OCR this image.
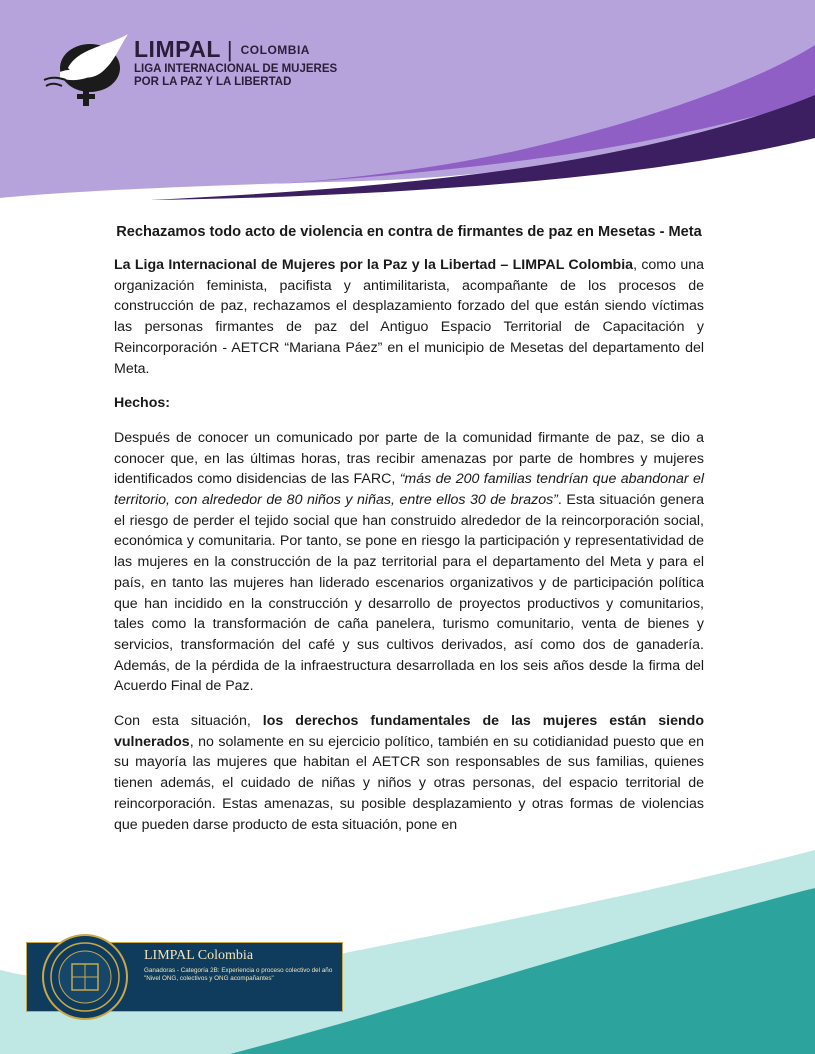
LIMPAL | COLOMBIA
LIGA INTERNACIONAL DE MUJERES
POR LA PAZ Y LA LIBERTAD
Rechazamos todo acto de violencia en contra de firmantes de paz en Mesetas - Meta

La Liga Internacional de Mujeres por la Paz y la Libertad – LIMPAL Colombia, como una organización feminista, pacifista y antimilitarista, acompañante de los procesos de construcción de paz, rechazamos el desplazamiento forzado del que están siendo víctimas las personas firmantes de paz del Antiguo Espacio Territorial de Capacitación y Reincorporación - AETCR “Mariana Páez” en el municipio de Mesetas del departamento del Meta.

Hechos:

Después de conocer un comunicado por parte de la comunidad firmante de paz, se dio a conocer que, en las últimas horas, tras recibir amenazas por parte de hombres y mujeres identificados como disidencias de las FARC, “más de 200 familias tendrían que abandonar el territorio, con alrededor de 80 niños y niñas, entre ellos 30 de brazos”. Esta situación genera el riesgo de perder el tejido social que han construido alrededor de la reincorporación social, económica y comunitaria. Por tanto, se pone en riesgo la participación y representatividad de las mujeres en la construcción de la paz territorial para el departamento del Meta y para el país, en tanto las mujeres han liderado escenarios organizativos y de participación política que han incidido en la construcción y desarrollo de proyectos productivos y comunitarios, tales como la transformación de caña panelera, turismo comunitario, venta de bienes y servicios, transformación del café y sus cultivos derivados, así como dos de ganadería. Además, de la pérdida de la infraestructura desarrollada en los seis años desde la firma del Acuerdo Final de Paz.

Con esta situación, los derechos fundamentales de las mujeres están siendo vulnerados, no solamente en su ejercicio político, también en su cotidianidad puesto que en su mayoría las mujeres que habitan el AETCR son responsables de sus familias, quienes tienen además, el cuidado de niñas y niños y otras personas, del espacio territorial de reincorporación. Estas amenazas, su posible desplazamiento y otras formas de violencias que pueden darse producto de esta situación, pone en

LIMPAL Colombia
Ganadoras - Categoría 2B: Experiencia o proceso colectivo del año "Nivel ONG, colectivos y ONG acompañantes"
